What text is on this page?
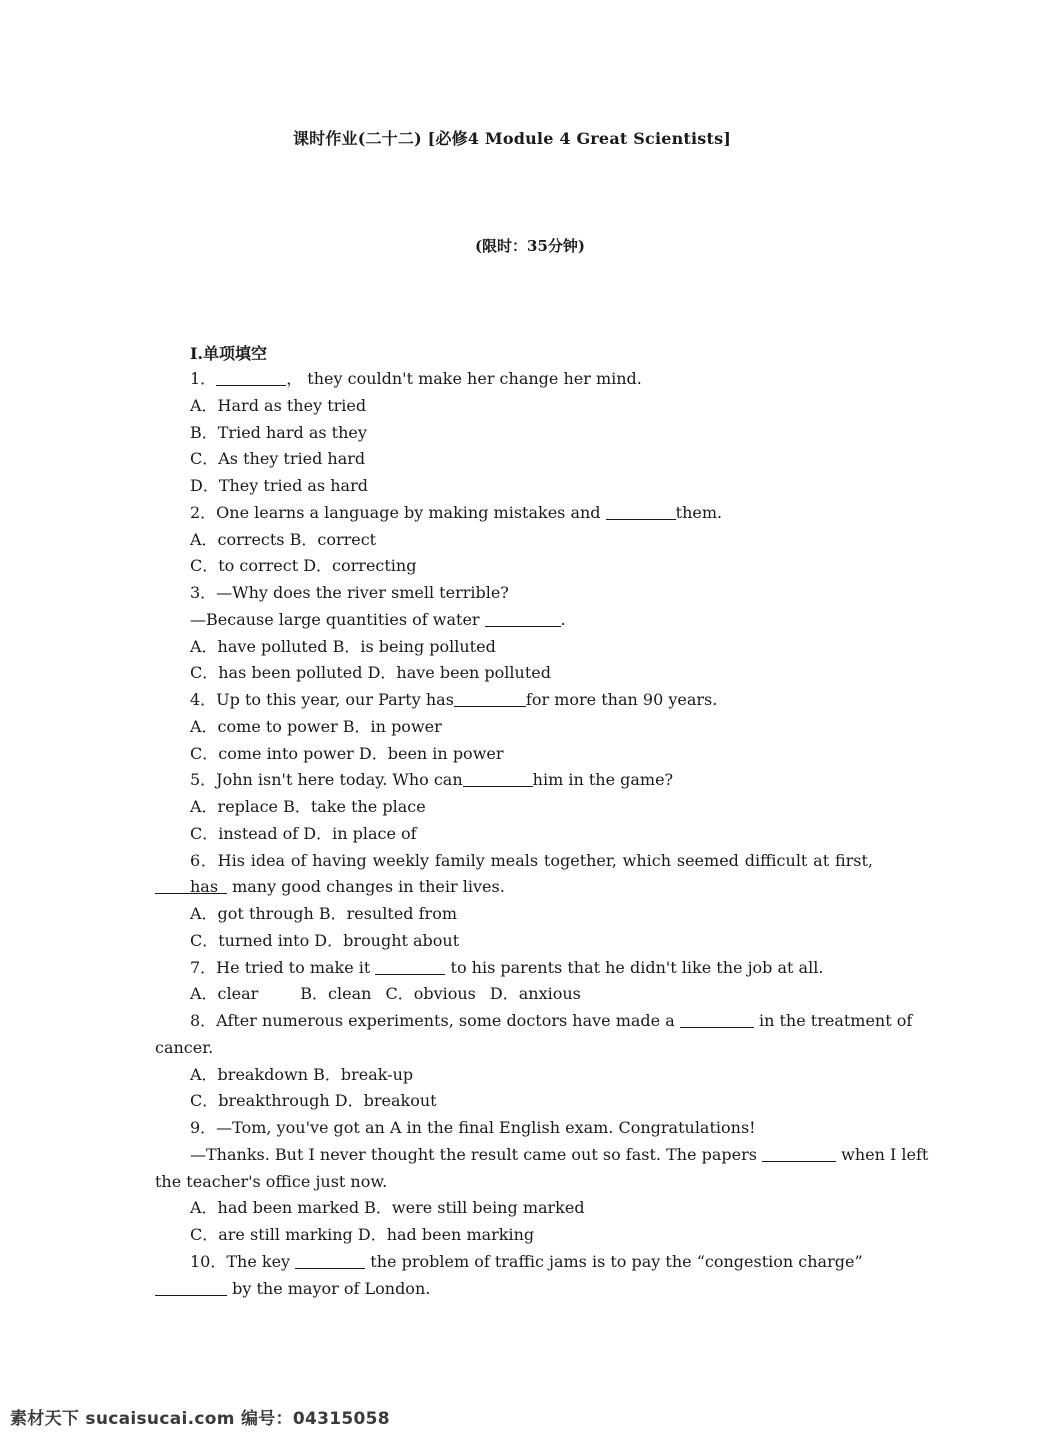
课时作业(二十二) [必修4 Module 4 Great Scientists]
(限时：35分钟)
Ⅰ.单项填空
1．	， they couldn't make her change her mind.
A．Hard as they tried
B．Tried hard as they
C．As they tried hard
D．They tried as hard
2．One learns a language by making mistakes and	them.
A．corrects B．correct
C．to correct D．correcting
3．—Why does the river smell terrible?
—Because large quantities of water	.
A．have polluted B．is being polluted
C．has been polluted D．have been polluted
4．Up to this year, our Party has	for more than 90 years.
A．come to power B．in power
C．come into power D．been in power
5．John isn't here today. Who can	him in the game?
A．replace B．take the place
C．instead of D．in place of
6．His idea of having weekly family meals together, which seemed difficult at first, has many good changes in their lives.
A．got through B．resulted from
C．turned into D．brought about
7．He tried to make it	to his parents that he didn't like the job at all.
A．clear	B．clean C．obvious D．anxious
8．After numerous experiments, some doctors have made a	in the treatment of
cancer.
A．breakdown B．break-up
C．breakthrough D．breakout
9．—Tom, you've got an A in the final English exam. Congratulations!
—Thanks. But I never thought the result came out so fast. The papers	when I left
the teacher's office just now.
A．had been marked B．were still being marked
C．are still marking D．had been marking
10．The key	the problem of traffic jams is to pay the “congestion charge”
by the mayor of London.
素材天下 sucaisucai.com 编号：04315058
